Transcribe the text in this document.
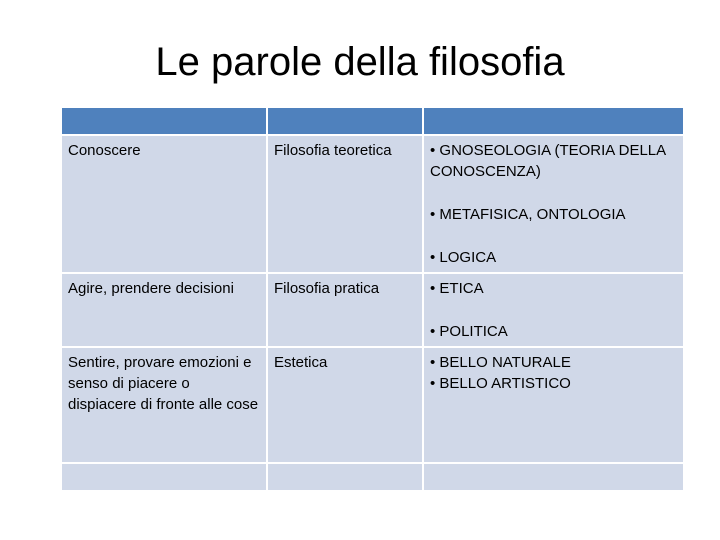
Le parole della filosofia

Conoscere	Filosofia teoretica	• GNOSEOLOGIA (TEORIA DELLA CONOSCENZA)
• METAFISICA, ONTOLOGIA
• LOGICA

Agire, prendere decisioni	Filosofia pratica	• ETICA
• POLITICA

Sentire, provare emozioni e senso di piacere o dispiacere di fronte alle cose	Estetica	• BELLO NATURALE
• BELLO ARTISTICO
